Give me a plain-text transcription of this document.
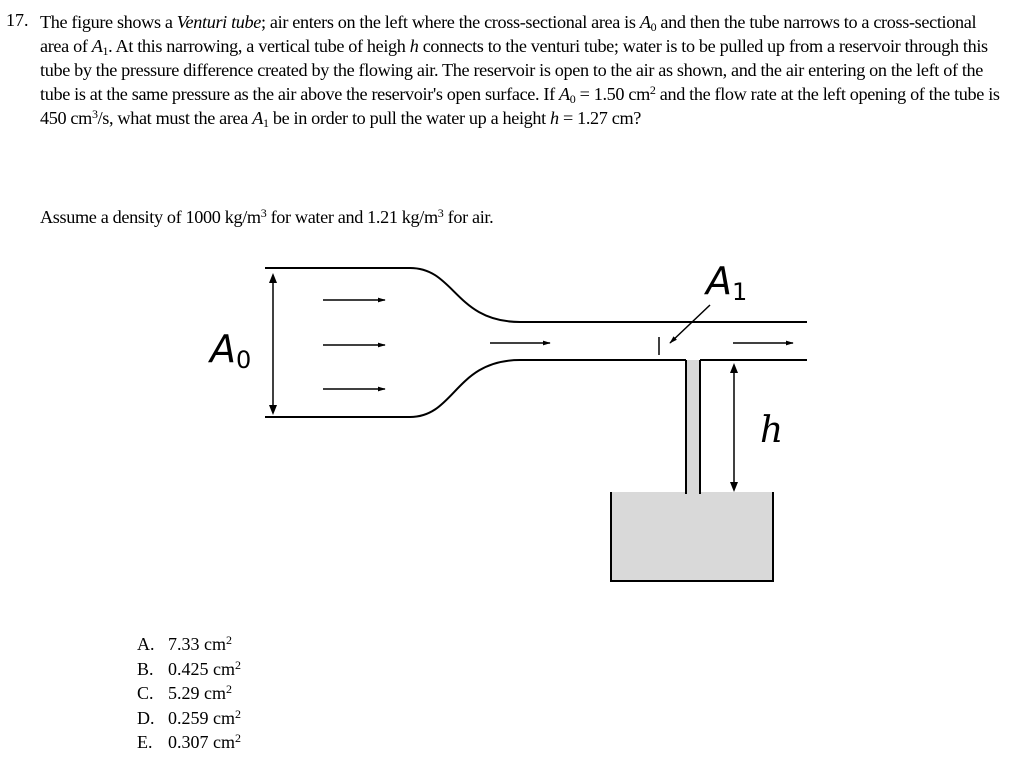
17. The figure shows a Venturi tube; air enters on the left where the cross-sectional area is $A_0$ and then the tube narrows to a cross-sectional area of $A_1$. At this narrowing, a vertical tube of heigh h connects to the venturi tube; water is to be pulled up from a reservoir through this tube by the pressure difference created by the flowing air. The reservoir is open to the air as shown, and the air entering on the left of the tube is at the same pressure as the air above the reservoir's open surface. If $A_0 = 1.50$ $cm^2$ and the flow rate at the left opening of the tube is 450 $cm^3/s$, what must the area $A_1$ be in order to pull the water up a height h = 1.27 cm?
Assume a density of 1000 $kg/m^3$ for water and 1.21 $kg/m^3$ for air.
A0
A1
h
A. 7.33 $cm^2$
B. 0.425 $cm^2$
C. 5.29 $cm^2$
D. 0.259 $cm^2$
E. 0.307 $cm^2$
